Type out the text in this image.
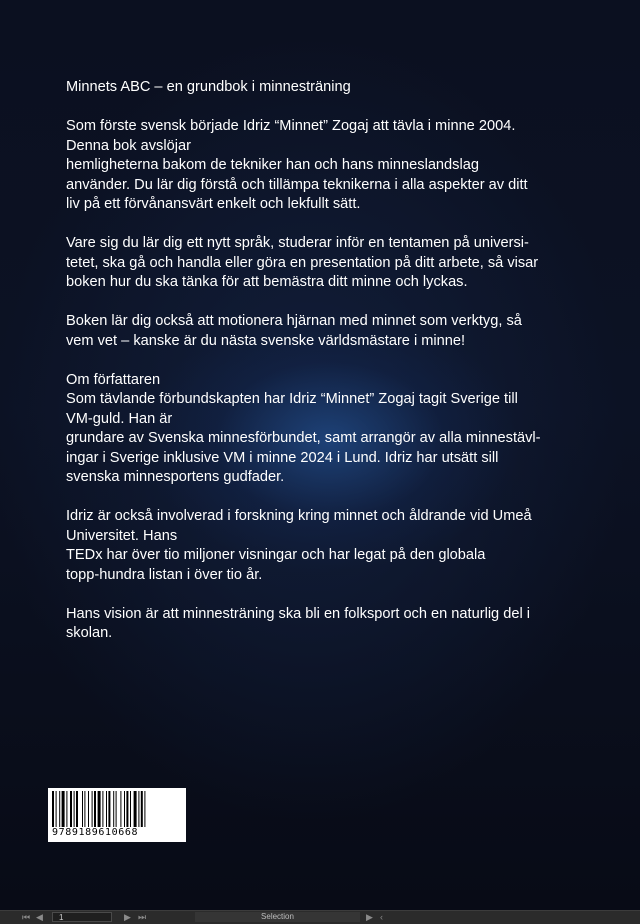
Minnets ABC – en grundbok i minnesträning
Som förste svensk började Idriz “Minnet” Zogaj att tävla i minne 2004.
Denna bok avslöjar
hemligheterna bakom de tekniker han och hans minneslandslag
använder. Du lär dig förstå och tillämpa teknikerna i alla aspekter av ditt
liv på ett förvånansvärt enkelt och lekfullt sätt.
Vare sig du lär dig ett nytt språk, studerar inför en tentamen på universi-
tetet, ska gå och handla eller göra en presentation på ditt arbete, så visar
boken hur du ska tänka för att bemästra ditt minne och lyckas.
Boken lär dig också att motionera hjärnan med minnet som verktyg, så
vem vet – kanske är du nästa svenske världsmästare i minne!
Om författaren
Som tävlande förbundskapten har Idriz “Minnet” Zogaj tagit Sverige till
VM-guld. Han är
grundare av Svenska minnesförbundet, samt arrangör av alla minnestävl-
ingar i Sverige inklusive VM i minne 2024 i Lund. Idriz har utsätt sill
svenska minnesportens gudfader.
Idriz är också involverad i forskning kring minnet och åldrande vid Umeå
Universitet. Hans
TEDx har över tio miljoner visningar och har legat på den globala
topp-hundra listan i över tio år.
Hans vision är att minnesträning ska bli en folksport och en naturlig del i
skolan.
9789189610668
⏮ ◀	1	▶ ⏭	Selection	▶ ‹
